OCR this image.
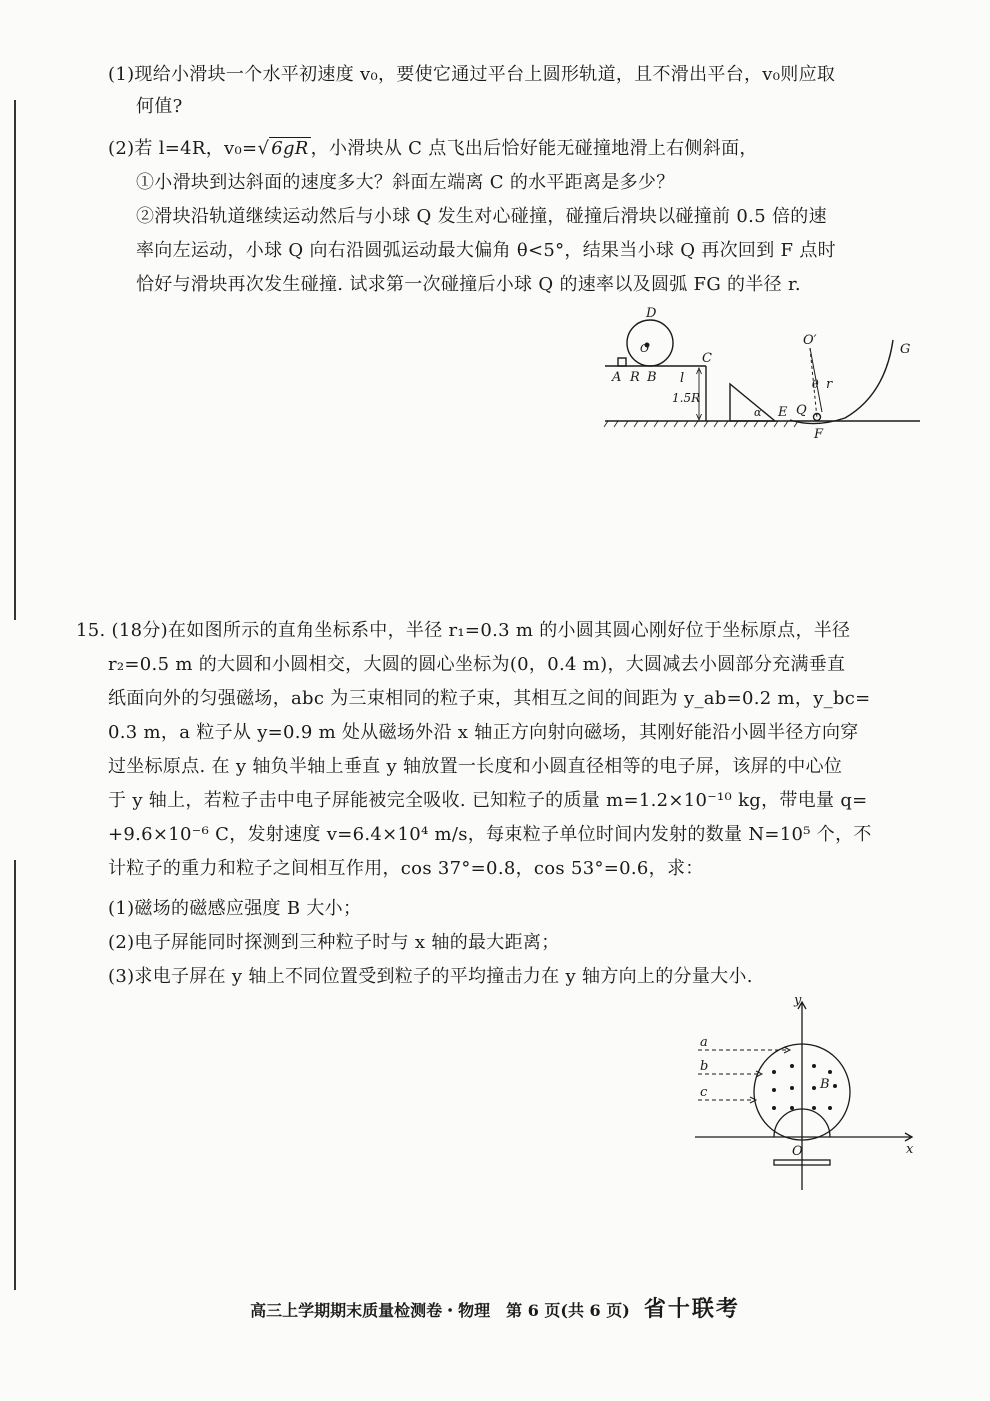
(1)现给小滑块一个水平初速度 v₀，要使它通过平台上圆形轨道，且不滑出平台，v₀则应取
何值?
(2)若 l=4R，v₀=√ 6gR ，小滑块从 C 点飞出后恰好能无碰撞地滑上右侧斜面，
①小滑块到达斜面的速度多大？斜面左端离 C 的水平距离是多少？
②滑块沿轨道继续运动然后与小球 Q 发生对心碰撞，碰撞后滑块以碰撞前 0.5 倍的速
率向左运动，小球 Q 向右沿圆弧运动最大偏角 θ<5°，结果当小球 Q 再次回到 F 点时
恰好与滑块再次发生碰撞. 试求第一次碰撞后小球 Q 的速率以及圆弧 FG 的半径 r.
D
O
C
A R B l
1.5R
α E Q
O′
θ r
F
G
15. (18分)在如图所示的直角坐标系中，半径 r₁=0.3 m 的小圆其圆心刚好位于坐标原点，半径
r₂=0.5 m 的大圆和小圆相交，大圆的圆心坐标为(0，0.4 m)，大圆减去小圆部分充满垂直
纸面向外的匀强磁场，abc 为三束相同的粒子束，其相互之间的间距为 y_ab=0.2 m，y_bc=
0.3 m，a 粒子从 y=0.9 m 处从磁场外沿 x 轴正方向射向磁场，其刚好能沿小圆半径方向穿
过坐标原点. 在 y 轴负半轴上垂直 y 轴放置一长度和小圆直径相等的电子屏，该屏的中心位
于 y 轴上，若粒子击中电子屏能被完全吸收. 已知粒子的质量 m=1.2×10⁻¹⁰ kg，带电量 q=
+9.6×10⁻⁶ C，发射速度 v=6.4×10⁴ m/s，每束粒子单位时间内发射的数量 N=10⁵ 个，不
计粒子的重力和粒子之间相互作用，cos 37°=0.8，cos 53°=0.6，求：
(1)磁场的磁感应强度 B 大小；
(2)电子屏能同时探测到三种粒子时与 x 轴的最大距离；
(3)求电子屏在 y 轴上不同位置受到粒子的平均撞击力在 y 轴方向上的分量大小.
y
x
O
a
b
c
B
高三上学期期末质量检测卷・物理　第 6 页(共 6 页) 省十联考
